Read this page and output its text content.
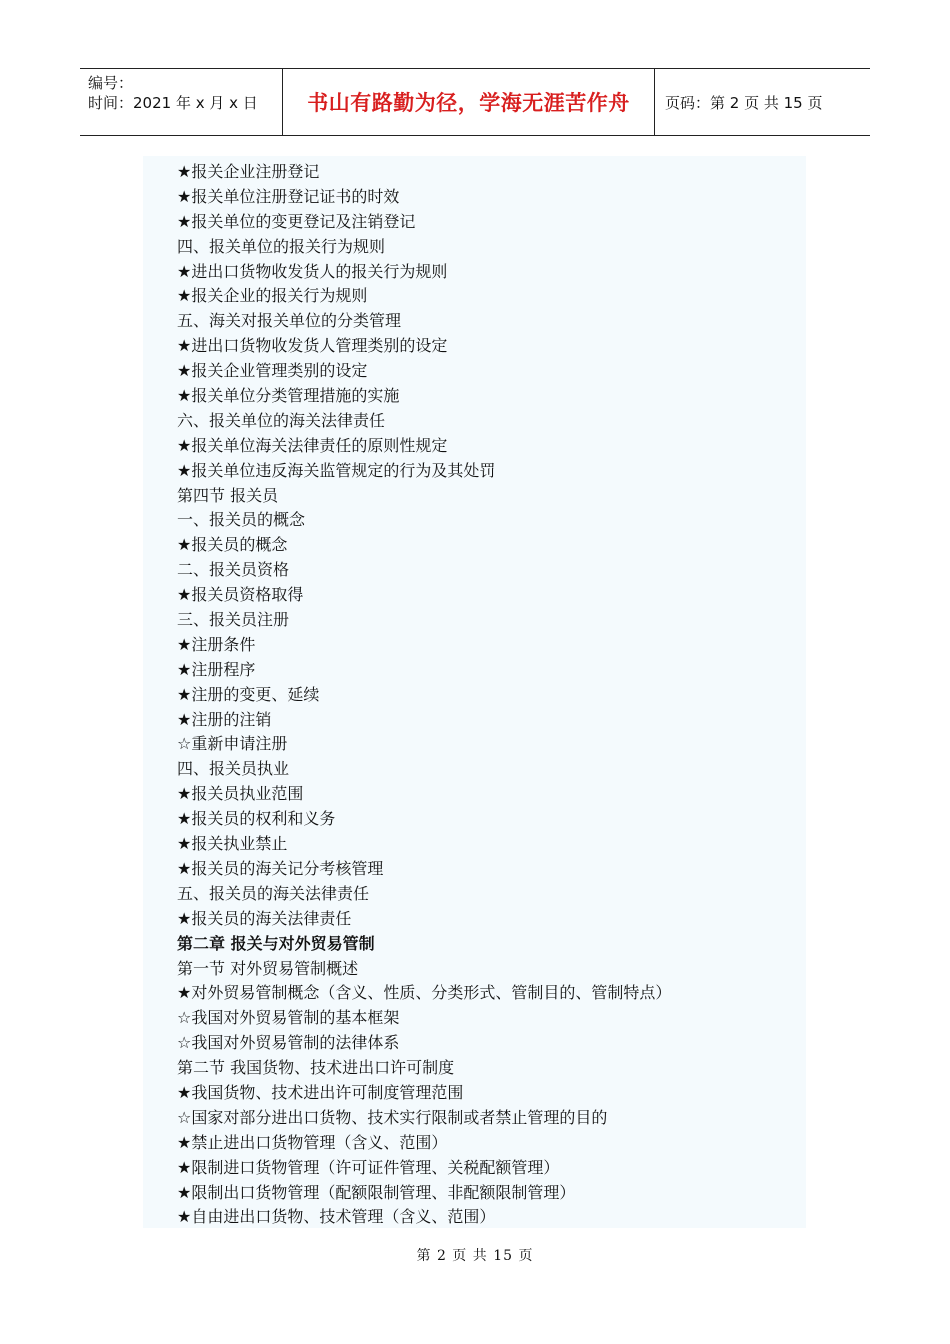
编号：
时间：2021 年 x 月 x 日	书山有路勤为径，学海无涯苦作舟	页码：第 2 页 共 15 页
★报关企业注册登记
★报关单位注册登记证书的时效
★报关单位的变更登记及注销登记
四、报关单位的报关行为规则
★进出口货物收发货人的报关行为规则
★报关企业的报关行为规则
五、海关对报关单位的分类管理
★进出口货物收发货人管理类别的设定
★报关企业管理类别的设定
★报关单位分类管理措施的实施
六、报关单位的海关法律责任
★报关单位海关法律责任的原则性规定
★报关单位违反海关监管规定的行为及其处罚
第四节 报关员
一、报关员的概念
★报关员的概念
二、报关员资格
★报关员资格取得
三、报关员注册
★注册条件
★注册程序
★注册的变更、延续
★注册的注销
☆重新申请注册
四、报关员执业
★报关员执业范围
★报关员的权利和义务
★报关执业禁止
★报关员的海关记分考核管理
五、报关员的海关法律责任
★报关员的海关法律责任
第二章 报关与对外贸易管制
第一节 对外贸易管制概述
★对外贸易管制概念（含义、性质、分类形式、管制目的、管制特点）
☆我国对外贸易管制的基本框架
☆我国对外贸易管制的法律体系
第二节 我国货物、技术进出口许可制度
★我国货物、技术进出许可制度管理范围
☆国家对部分进出口货物、技术实行限制或者禁止管理的目的
★禁止进出口货物管理（含义、范围）
★限制进口货物管理（许可证件管理、关税配额管理）
★限制出口货物管理（配额限制管理、非配额限制管理）
★自由进出口货物、技术管理（含义、范围）
第 2 页 共 15 页
